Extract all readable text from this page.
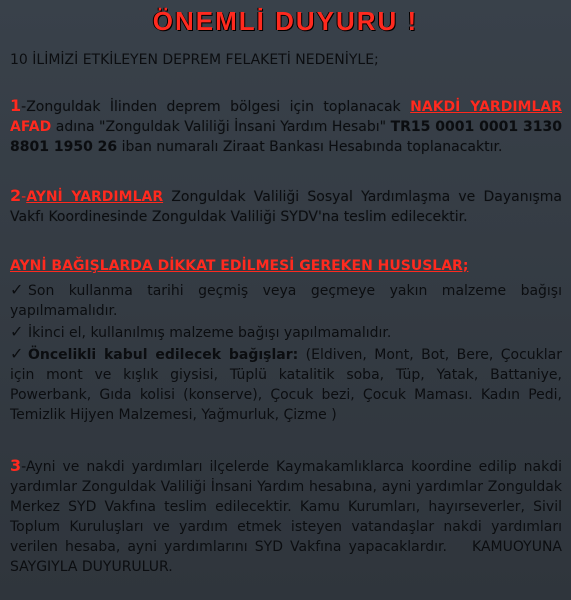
ÖNEMLİ DUYURU !
10 İLİMİZİ ETKİLEYEN DEPREM FELAKETİ NEDENİYLE;
1-Zonguldak İlinden deprem bölgesi için toplanacak NAKDİ YARDIMLAR AFAD adına "Zonguldak Valiliği İnsani Yardım Hesabı" TR15 0001 0001 3130 8801 1950 26 iban numaralı Ziraat Bankası Hesabında toplanacaktır.
2-AYNİ YARDIMLAR Zonguldak Valiliği Sosyal Yardımlaşma ve Dayanışma Vakfı Koordinesinde Zonguldak Valiliği SYDV'na teslim edilecektir.
AYNİ BAĞIŞLARDA DİKKAT EDİLMESİ GEREKEN HUSUSLAR;
✓ Son kullanma tarihi geçmiş veya geçmeye yakın malzeme bağışı yapılmamalıdır.
✓ İkinci el, kullanılmış malzeme bağışı yapılmamalıdır.
✓ Öncelikli kabul edilecek bağışlar: (Eldiven, Mont, Bot, Bere, Çocuklar için mont ve kışlık giysisi, Tüplü katalitik soba, Tüp, Yatak, Battaniye, Powerbank, Gıda kolisi (konserve), Çocuk bezi, Çocuk Maması. Kadın Pedi, Temizlik Hijyen Malzemesi, Yağmurluk, Çizme )
3-Ayni ve nakdi yardımları ilçelerde Kaymakamlıklarca koordine edilip nakdi yardımlar Zonguldak Valiliği İnsani Yardım hesabına, ayni yardımlar Zonguldak Merkez SYD Vakfına teslim edilecektir. Kamu Kurumları, hayırseverler, Sivil Toplum Kuruluşları ve yardım etmek isteyen vatandaşlar nakdi yardımları verilen hesaba, ayni yardımlarını SYD Vakfına yapacaklardır. KAMUOYUNA SAYGIYLA DUYURULUR.
